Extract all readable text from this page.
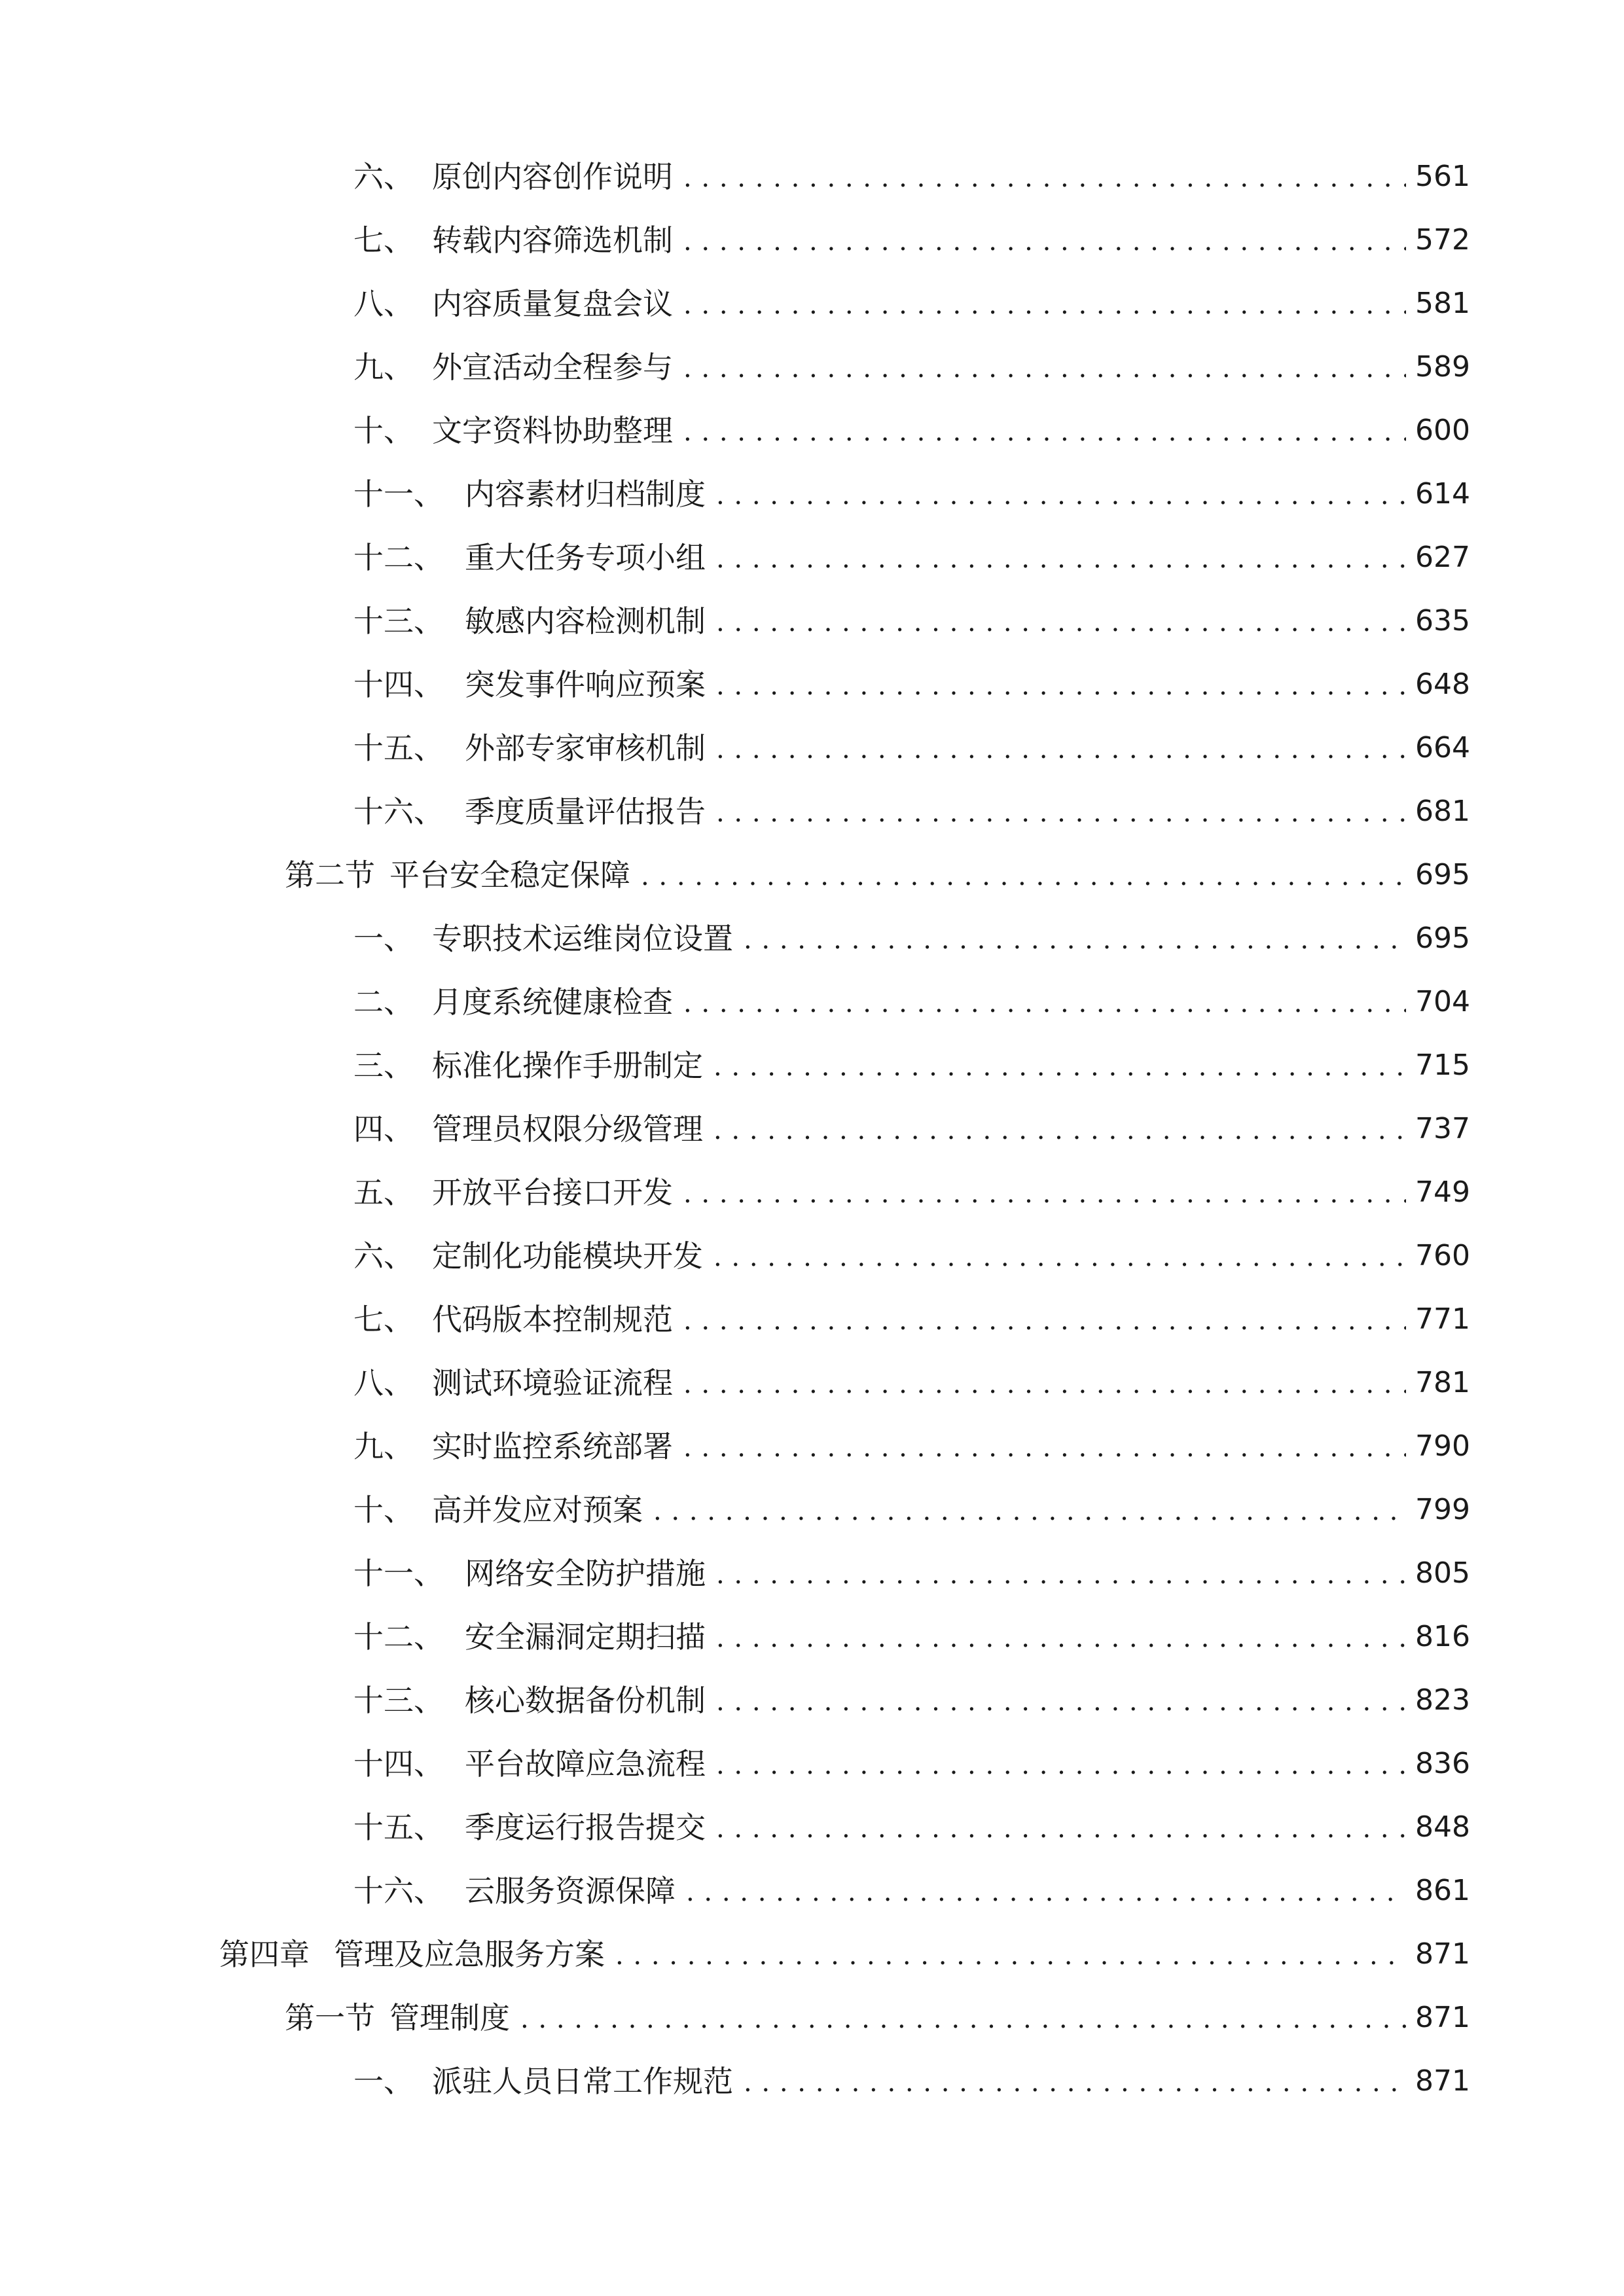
六、 原创内容创作说明 . . .	561
七、 转载内容筛选机制 . . .	572
八、 内容质量复盘会议 . . .	581
九、 外宣活动全程参与 . . .	589
十、 文字资料协助整理 . . .	600
十一、 内容素材归档制度 . . .	614
十二、 重大任务专项小组 . . .	627
十三、 敏感内容检测机制 . . .	635
十四、 突发事件响应预案 . . .	648
十五、 外部专家审核机制 . . .	664
十六、 季度质量评估报告 . . .	681
第二节 平台安全稳定保障 . . .	695
一、 专职技术运维岗位设置 . . .	695
二、 月度系统健康检查 . . .	704
三、 标准化操作手册制定 . . .	715
四、 管理员权限分级管理 . . .	737
五、 开放平台接口开发 . . .	749
六、 定制化功能模块开发 . . .	760
七、 代码版本控制规范 . . .	771
八、 测试环境验证流程 . . .	781
九、 实时监控系统部署 . . .	790
十、 高并发应对预案 . . .	799
十一、 网络安全防护措施 . . .	805
十二、 安全漏洞定期扫描 . . .	816
十三、 核心数据备份机制 . . .	823
十四、 平台故障应急流程 . . .	836
十五、 季度运行报告提交 . . .	848
十六、 云服务资源保障 . . .	861
第四章 管理及应急服务方案 . . .	871
第一节 管理制度 . . .	871
一、 派驻人员日常工作规范 . . .	871
